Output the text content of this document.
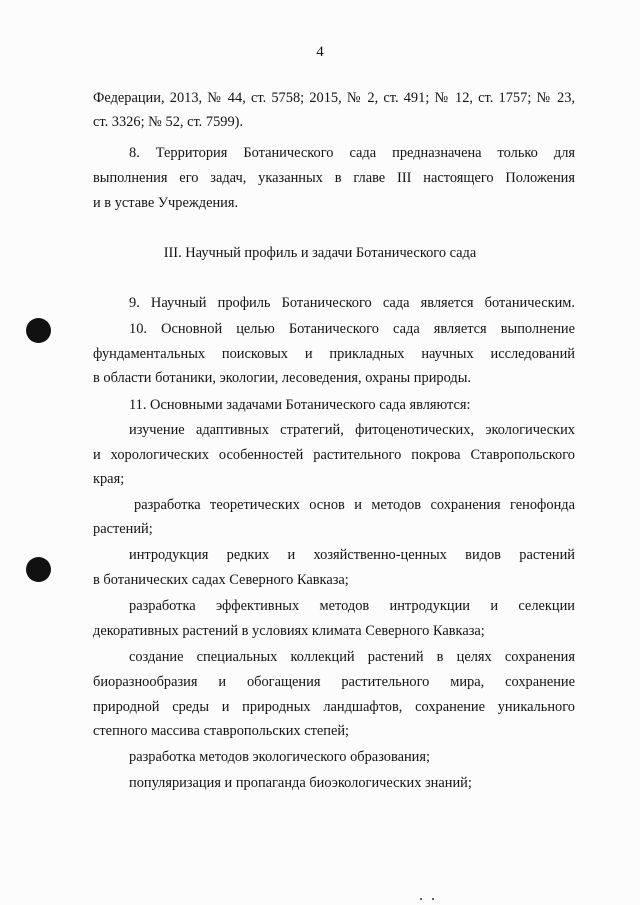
4
Федерации, 2013, № 44, ст. 5758; 2015, № 2, ст. 491; № 12, ст. 1757; № 23,
ст. 3326; № 52, ст. 7599).
8. Территория Ботанического сада предназначена только для
выполнения его задач, указанных в главе III настоящего Положения
и в уставе Учреждения.
III. Научный профиль и задачи Ботанического сада
9. Научный профиль Ботанического сада является ботаническим.
10. Основной целью Ботанического сада является выполнение
фундаментальных поисковых и прикладных научных исследований
в области ботаники, экологии, лесоведения, охраны природы.
11. Основными задачами Ботанического сада являются:
изучение адаптивных стратегий, фитоценотических, экологических
и хорологических особенностей растительного покрова Ставропольского
края;
разработка теоретических основ и методов сохранения генофонда
растений;
интродукция редких и хозяйственно-ценных видов растений
в ботанических садах Северного Кавказа;
разработка эффективных методов интродукции и селекции
декоративных растений в условиях климата Северного Кавказа;
создание специальных коллекций растений в целях сохранения
биоразнообразия и обогащения растительного мира, сохранение
природной среды и природных ландшафтов, сохранение уникального
степного массива ставропольских степей;
разработка методов экологического образования;
популяризация и пропаганда биоэкологических знаний;
